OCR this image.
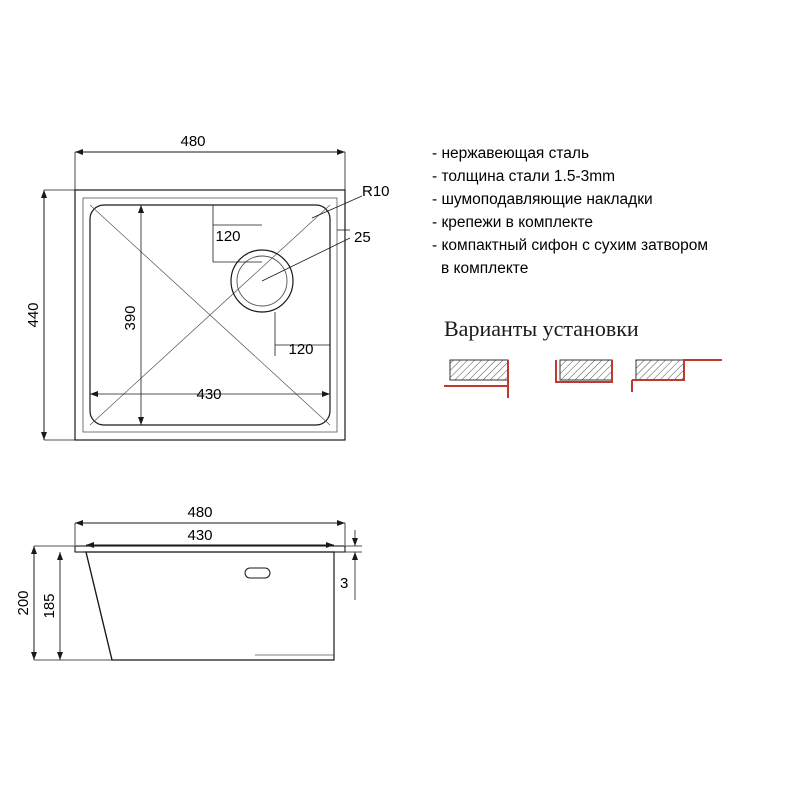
480
120
120
R10
25
440	390
430
480
430
200 185
3
- нержавеющая сталь
- толщина стали 1.5-3mm
- шумоподавляющие накладки
- крепежи в комплекте
- компактный сифон с сухим затвором
в комплекте
Варианты установки
